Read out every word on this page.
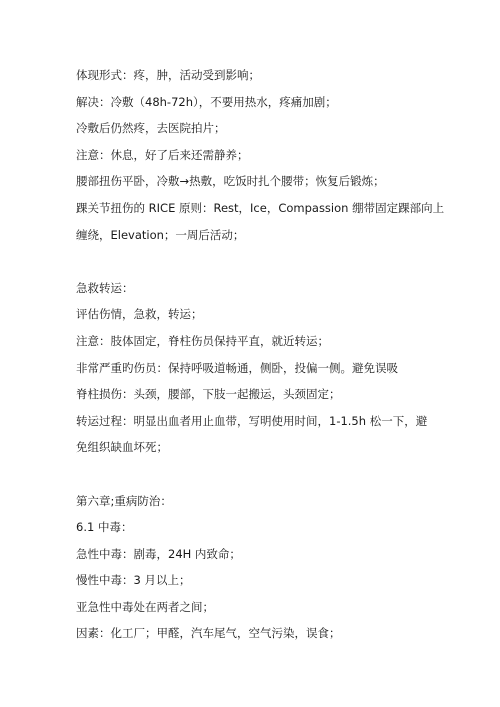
体现形式：疼，肿，活动受到影响；
解决：冷敷（48h-72h），不要用热水，疼痛加剧；
冷敷后仍然疼，去医院拍片；
注意：休息，好了后来还需静养；
腰部扭伤平卧，冷敷→热敷，吃饭时扎个腰带；恢复后锻炼；
踝关节扭伤的 RICE 原则：Rest，Ice，Compassion 绷带固定踝部向上
缠绕，Elevation；一周后活动；
急救转运：
评估伤情，急救，转运；
注意：肢体固定，脊柱伤员保持平直，就近转运；
非常严重旳伤员：保持呼吸道畅通，侧卧，投偏一侧。避免误吸
脊柱损伤：头颈，腰部，下肢一起搬运，头颈固定；
转运过程：明显出血者用止血带，写明使用时间，1-1.5h 松一下，避
免组织缺血坏死；
第六章;重病防治：
6.1 中毒：
急性中毒：剧毒，24H 内致命；
慢性中毒：3 月以上；
亚急性中毒处在两者之间；
因素：化工厂；甲醛，汽车尾气，空气污染，误食；
